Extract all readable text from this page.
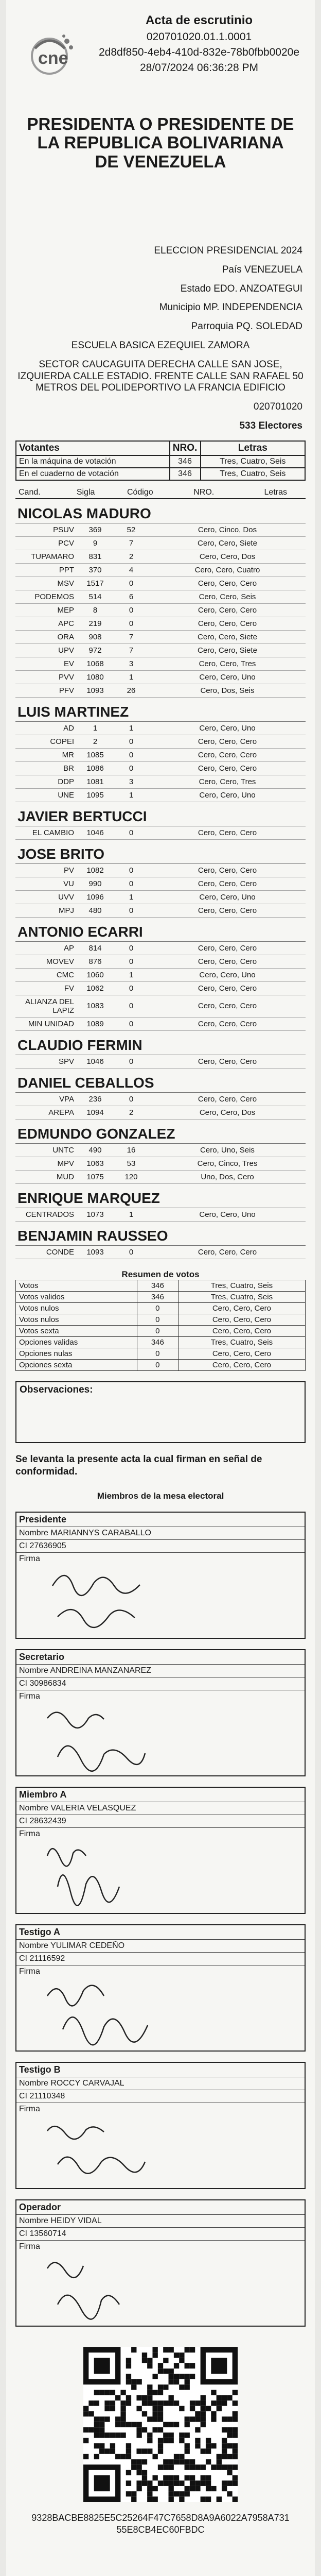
cne
Acta de escrutinio
020701020.01.1.0001
2d8df850-4eb4-410d-832e-78b0fbb0020e
28/07/2024 06:36:28 PM
PRESIDENTA O PRESIDENTE DE LA REPUBLICA BOLIVARIANA DE VENEZUELA
ELECCION PRESIDENCIAL 2024
País VENEZUELA
Estado EDO. ANZOATEGUI
Municipio MP. INDEPENDENCIA
Parroquia PQ. SOLEDAD
ESCUELA BASICA EZEQUIEL ZAMORA
SECTOR CAUCAGUITA DERECHA CALLE SAN JOSE, IZQUIERDA CALLE ESTADIO. FRENTE CALLE SAN RAFAEL 50 METROS DEL POLIDEPORTIVO LA FRANCIA EDIFICIO
020701020
533 Electores
Votantes	NRO.	Letras
En la máquina de votación	346	Tres, Cuatro, Seis
En el cuaderno de votación	346	Tres, Cuatro, Seis
Cand.	Sigla	Código	NRO.	Letras
NICOLAS MADURO
PSUV	369	52	Cero, Cinco, Dos
PCV	9	7	Cero, Cero, Siete
TUPAMARO	831	2	Cero, Cero, Dos
PPT	370	4	Cero, Cero, Cuatro
MSV	1517	0	Cero, Cero, Cero
PODEMOS	514	6	Cero, Cero, Seis
MEP	8	0	Cero, Cero, Cero
APC	219	0	Cero, Cero, Cero
ORA	908	7	Cero, Cero, Siete
UPV	972	7	Cero, Cero, Siete
EV	1068	3	Cero, Cero, Tres
PVV	1080	1	Cero, Cero, Uno
PFV	1093	26	Cero, Dos, Seis
LUIS MARTINEZ
AD	1	1	Cero, Cero, Uno
COPEI	2	0	Cero, Cero, Cero
MR	1085	0	Cero, Cero, Cero
BR	1086	0	Cero, Cero, Cero
DDP	1081	3	Cero, Cero, Tres
UNE	1095	1	Cero, Cero, Uno
JAVIER BERTUCCI
EL CAMBIO	1046	0	Cero, Cero, Cero
JOSE BRITO
PV	1082	0	Cero, Cero, Cero
VU	990	0	Cero, Cero, Cero
UVV	1096	1	Cero, Cero, Uno
MPJ	480	0	Cero, Cero, Cero
ANTONIO ECARRI
AP	814	0	Cero, Cero, Cero
MOVEV	876	0	Cero, Cero, Cero
CMC	1060	1	Cero, Cero, Uno
FV	1062	0	Cero, Cero, Cero
ALIANZA DEL LAPIZ	1083	0	Cero, Cero, Cero
MIN UNIDAD	1089	0	Cero, Cero, Cero
CLAUDIO FERMIN
SPV	1046	0	Cero, Cero, Cero
DANIEL CEBALLOS
VPA	236	0	Cero, Cero, Cero
AREPA	1094	2	Cero, Cero, Dos
EDMUNDO GONZALEZ
UNTC	490	16	Cero, Uno, Seis
MPV	1063	53	Cero, Cinco, Tres
MUD	1075	120	Uno, Dos, Cero
ENRIQUE MARQUEZ
CENTRADOS	1073	1	Cero, Cero, Uno
BENJAMIN RAUSSEO
CONDE	1093	0	Cero, Cero, Cero
Resumen de votos
Votos	346	Tres, Cuatro, Seis
Votos validos	346	Tres, Cuatro, Seis
Votos nulos	0	Cero, Cero, Cero
Votos nulos	0	Cero, Cero, Cero
Votos sexta	0	Cero, Cero, Cero
Opciones validas	346	Tres, Cuatro, Seis
Opciones nulas	0	Cero, Cero, Cero
Opciones sexta	0	Cero, Cero, Cero
Observaciones:
Se levanta la presente acta la cual firman en señal de conformidad.
Miembros de la mesa electoral
Presidente
Nombre MARIANNYS CARABALLO
CI 27636905
Firma
Secretario
Nombre ANDREINA MANZANAREZ
CI 30986834
Firma
Miembro A
Nombre VALERIA VELASQUEZ
CI 28632439
Firma
Testigo A
Nombre YULIMAR CEDEÑO
CI 21116592
Firma
Testigo B
Nombre ROCCY CARVAJAL
CI 21110348
Firma
Operador
Nombre HEIDY VIDAL
CI 13560714
Firma
9328BACBE8825E5C25264F47C7658D8A9A6022A7958A73155E8CB4EC60FBDC
